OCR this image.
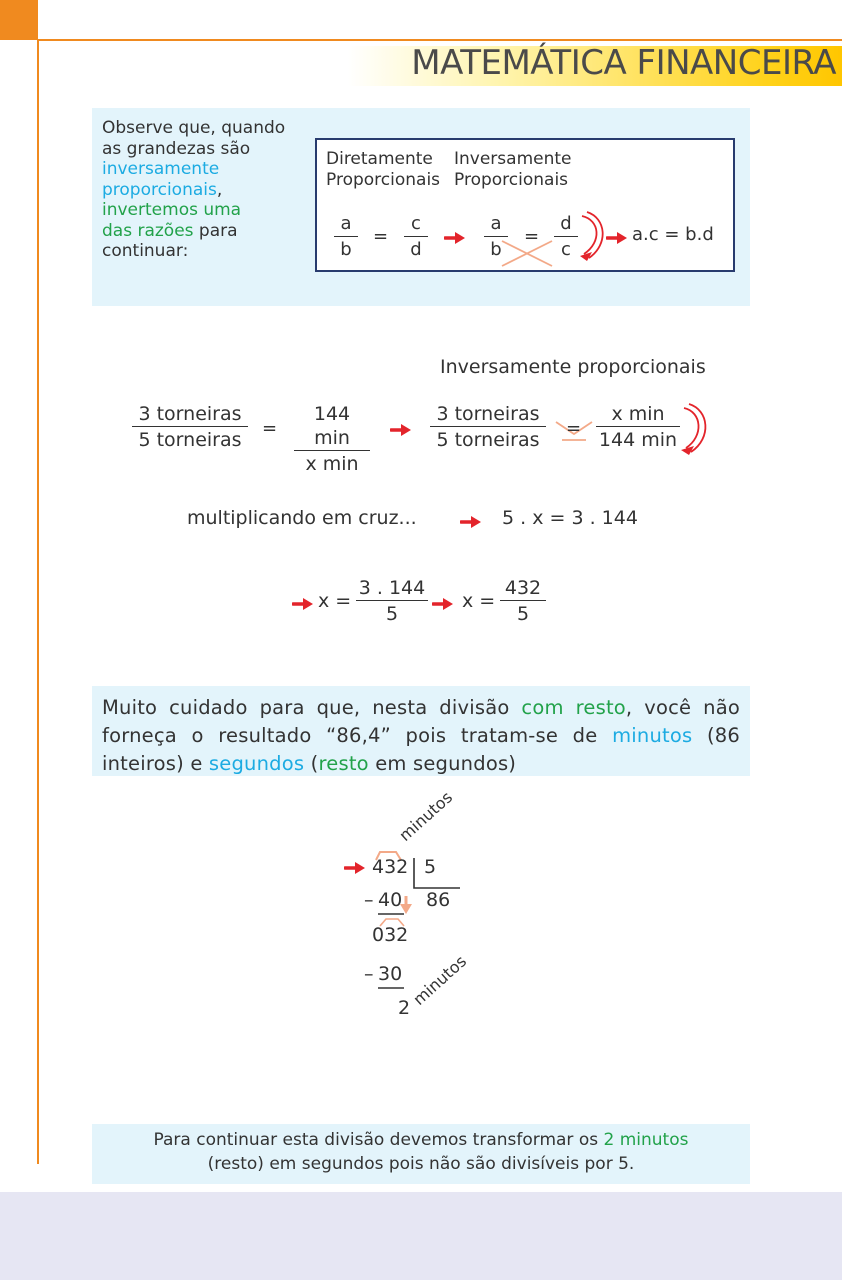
MATEMÁTICA FINANCEIRA
Observe que, quando
as grandezas são
inversamente
proporcionais,
invertemos uma
das razões para
continuar:
Diretamente
Proporcionais
Inversamente
Proporcionais
$\frac{a}{b} = \frac{c}{d}$	$\frac{a}{b} = \frac{d}{c}$	a.c = b.d
Inversamente proporcionais
3 torneiras
5 torneiras
=
144 min
x min
3 torneiras
5 torneiras
=
x min
144 min
multiplicando em cruz...	5 . x = 3 . 144
$x = \frac{3 . 144}{5}$ $x = \frac{432}{5}$
Muito cuidado para que, nesta divisão com resto, você não forneça o resultado “86,4” pois tratam-se de minutos (86 inteiros) e segundos (resto em segundos)
432 5
86
– 40
032
– 30
2
minutos
minutos
Para continuar esta divisão devemos transformar os 2 minutos
(resto) em segundos pois não são divisíveis por 5.
